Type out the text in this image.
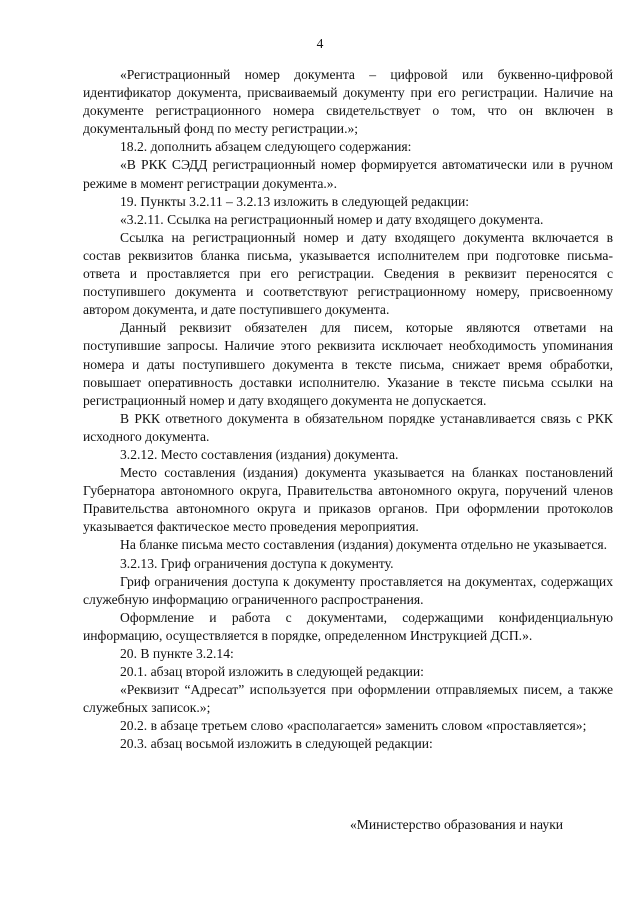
4

«Регистрационный номер документа – цифровой или буквенно-цифровой идентификатор документа, присваиваемый документу при его регистрации. Наличие на документе регистрационного номера свидетельствует о том, что он включен в документальный фонд по месту регистрации.»;

18.2. дополнить абзацем следующего содержания:

«В РКК СЭДД регистрационный номер формируется автоматически или в ручном режиме в момент регистрации документа.».

19. Пункты 3.2.11 – 3.2.13 изложить в следующей редакции:

«3.2.11. Ссылка на регистрационный номер и дату входящего документа.

Ссылка на регистрационный номер и дату входящего документа включается в состав реквизитов бланка письма, указывается исполнителем при подготовке письма-ответа и проставляется при его регистрации. Сведения в реквизит переносятся с поступившего документа и соответствуют регистрационному номеру, присвоенному автором документа, и дате поступившего документа.

Данный реквизит обязателен для писем, которые являются ответами на поступившие запросы. Наличие этого реквизита исключает необходимость упоминания номера и даты поступившего документа в тексте письма, снижает время обработки, повышает оперативность доставки исполнителю. Указание в тексте письма ссылки на регистрационный номер и дату входящего документа не допускается.

В РКК ответного документа в обязательном порядке устанавливается связь с РКК исходного документа.

3.2.12. Место составления (издания) документа.

Место составления (издания) документа указывается на бланках постановлений Губернатора автономного округа, Правительства автономного округа, поручений членов Правительства автономного округа и приказов органов. При оформлении протоколов указывается фактическое место проведения мероприятия.

На бланке письма место составления (издания) документа отдельно не указывается.

3.2.13. Гриф ограничения доступа к документу.

Гриф ограничения доступа к документу проставляется на документах, содержащих служебную информацию ограниченного распространения.

Оформление и работа с документами, содержащими конфиденциальную информацию, осуществляется в порядке, определенном Инструкцией ДСП.».

20. В пункте 3.2.14:

20.1. абзац второй изложить в следующей редакции:

«Реквизит “Адресат” используется при оформлении отправляемых писем, а также служебных записок.»;

20.2. в абзаце третьем слово «располагается» заменить словом «проставляется»;

20.3. абзац восьмой изложить в следующей редакции:

«Министерство образования и науки
